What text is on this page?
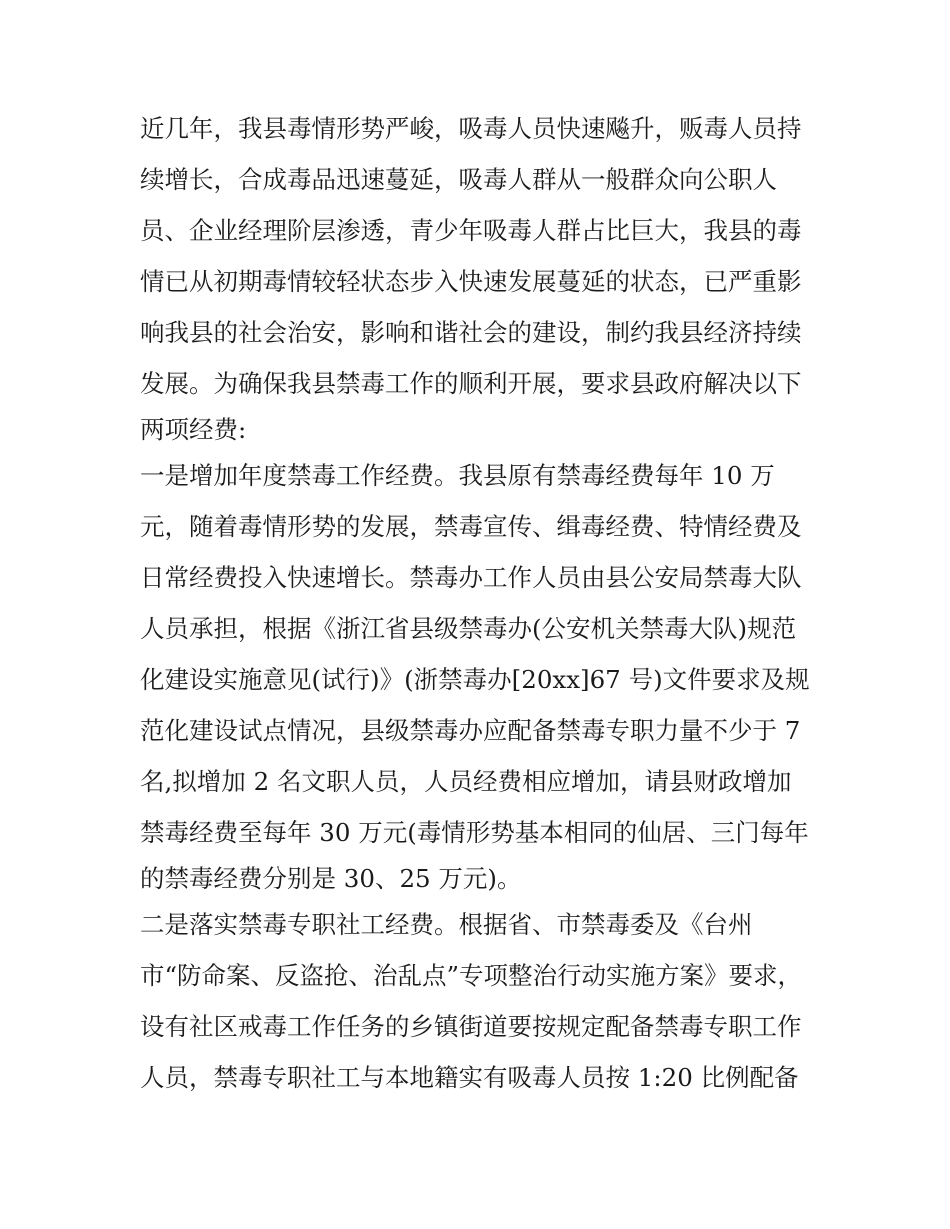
近几年，我县毒情形势严峻，吸毒人员快速飚升，贩毒人员持
续增长，合成毒品迅速蔓延，吸毒人群从一般群众向公职人
员、企业经理阶层渗透，青少年吸毒人群占比巨大，我县的毒
情已从初期毒情较轻状态步入快速发展蔓延的状态，已严重影
响我县的社会治安，影响和谐社会的建设，制约我县经济持续
发展。为确保我县禁毒工作的顺利开展，要求县政府解决以下
两项经费:
一是增加年度禁毒工作经费。我县原有禁毒经费每年 10 万
元，随着毒情形势的发展，禁毒宣传、缉毒经费、特情经费及
日常经费投入快速增长。禁毒办工作人员由县公安局禁毒大队
人员承担，根据《浙江省县级禁毒办(公安机关禁毒大队)规范
化建设实施意见(试行)》(浙禁毒办[20xx]67 号)文件要求及规
范化建设试点情况，县级禁毒办应配备禁毒专职力量不少于 7
名,拟增加 2 名文职人员，人员经费相应增加，请县财政增加
禁毒经费至每年 30 万元(毒情形势基本相同的仙居、三门每年
的禁毒经费分别是 30、25 万元)。
二是落实禁毒专职社工经费。根据省、市禁毒委及《台州
市“防命案、反盗抢、治乱点”专项整治行动实施方案》要求，
设有社区戒毒工作任务的乡镇街道要按规定配备禁毒专职工作
人员，禁毒专职社工与本地籍实有吸毒人员按 1:20 比例配备
